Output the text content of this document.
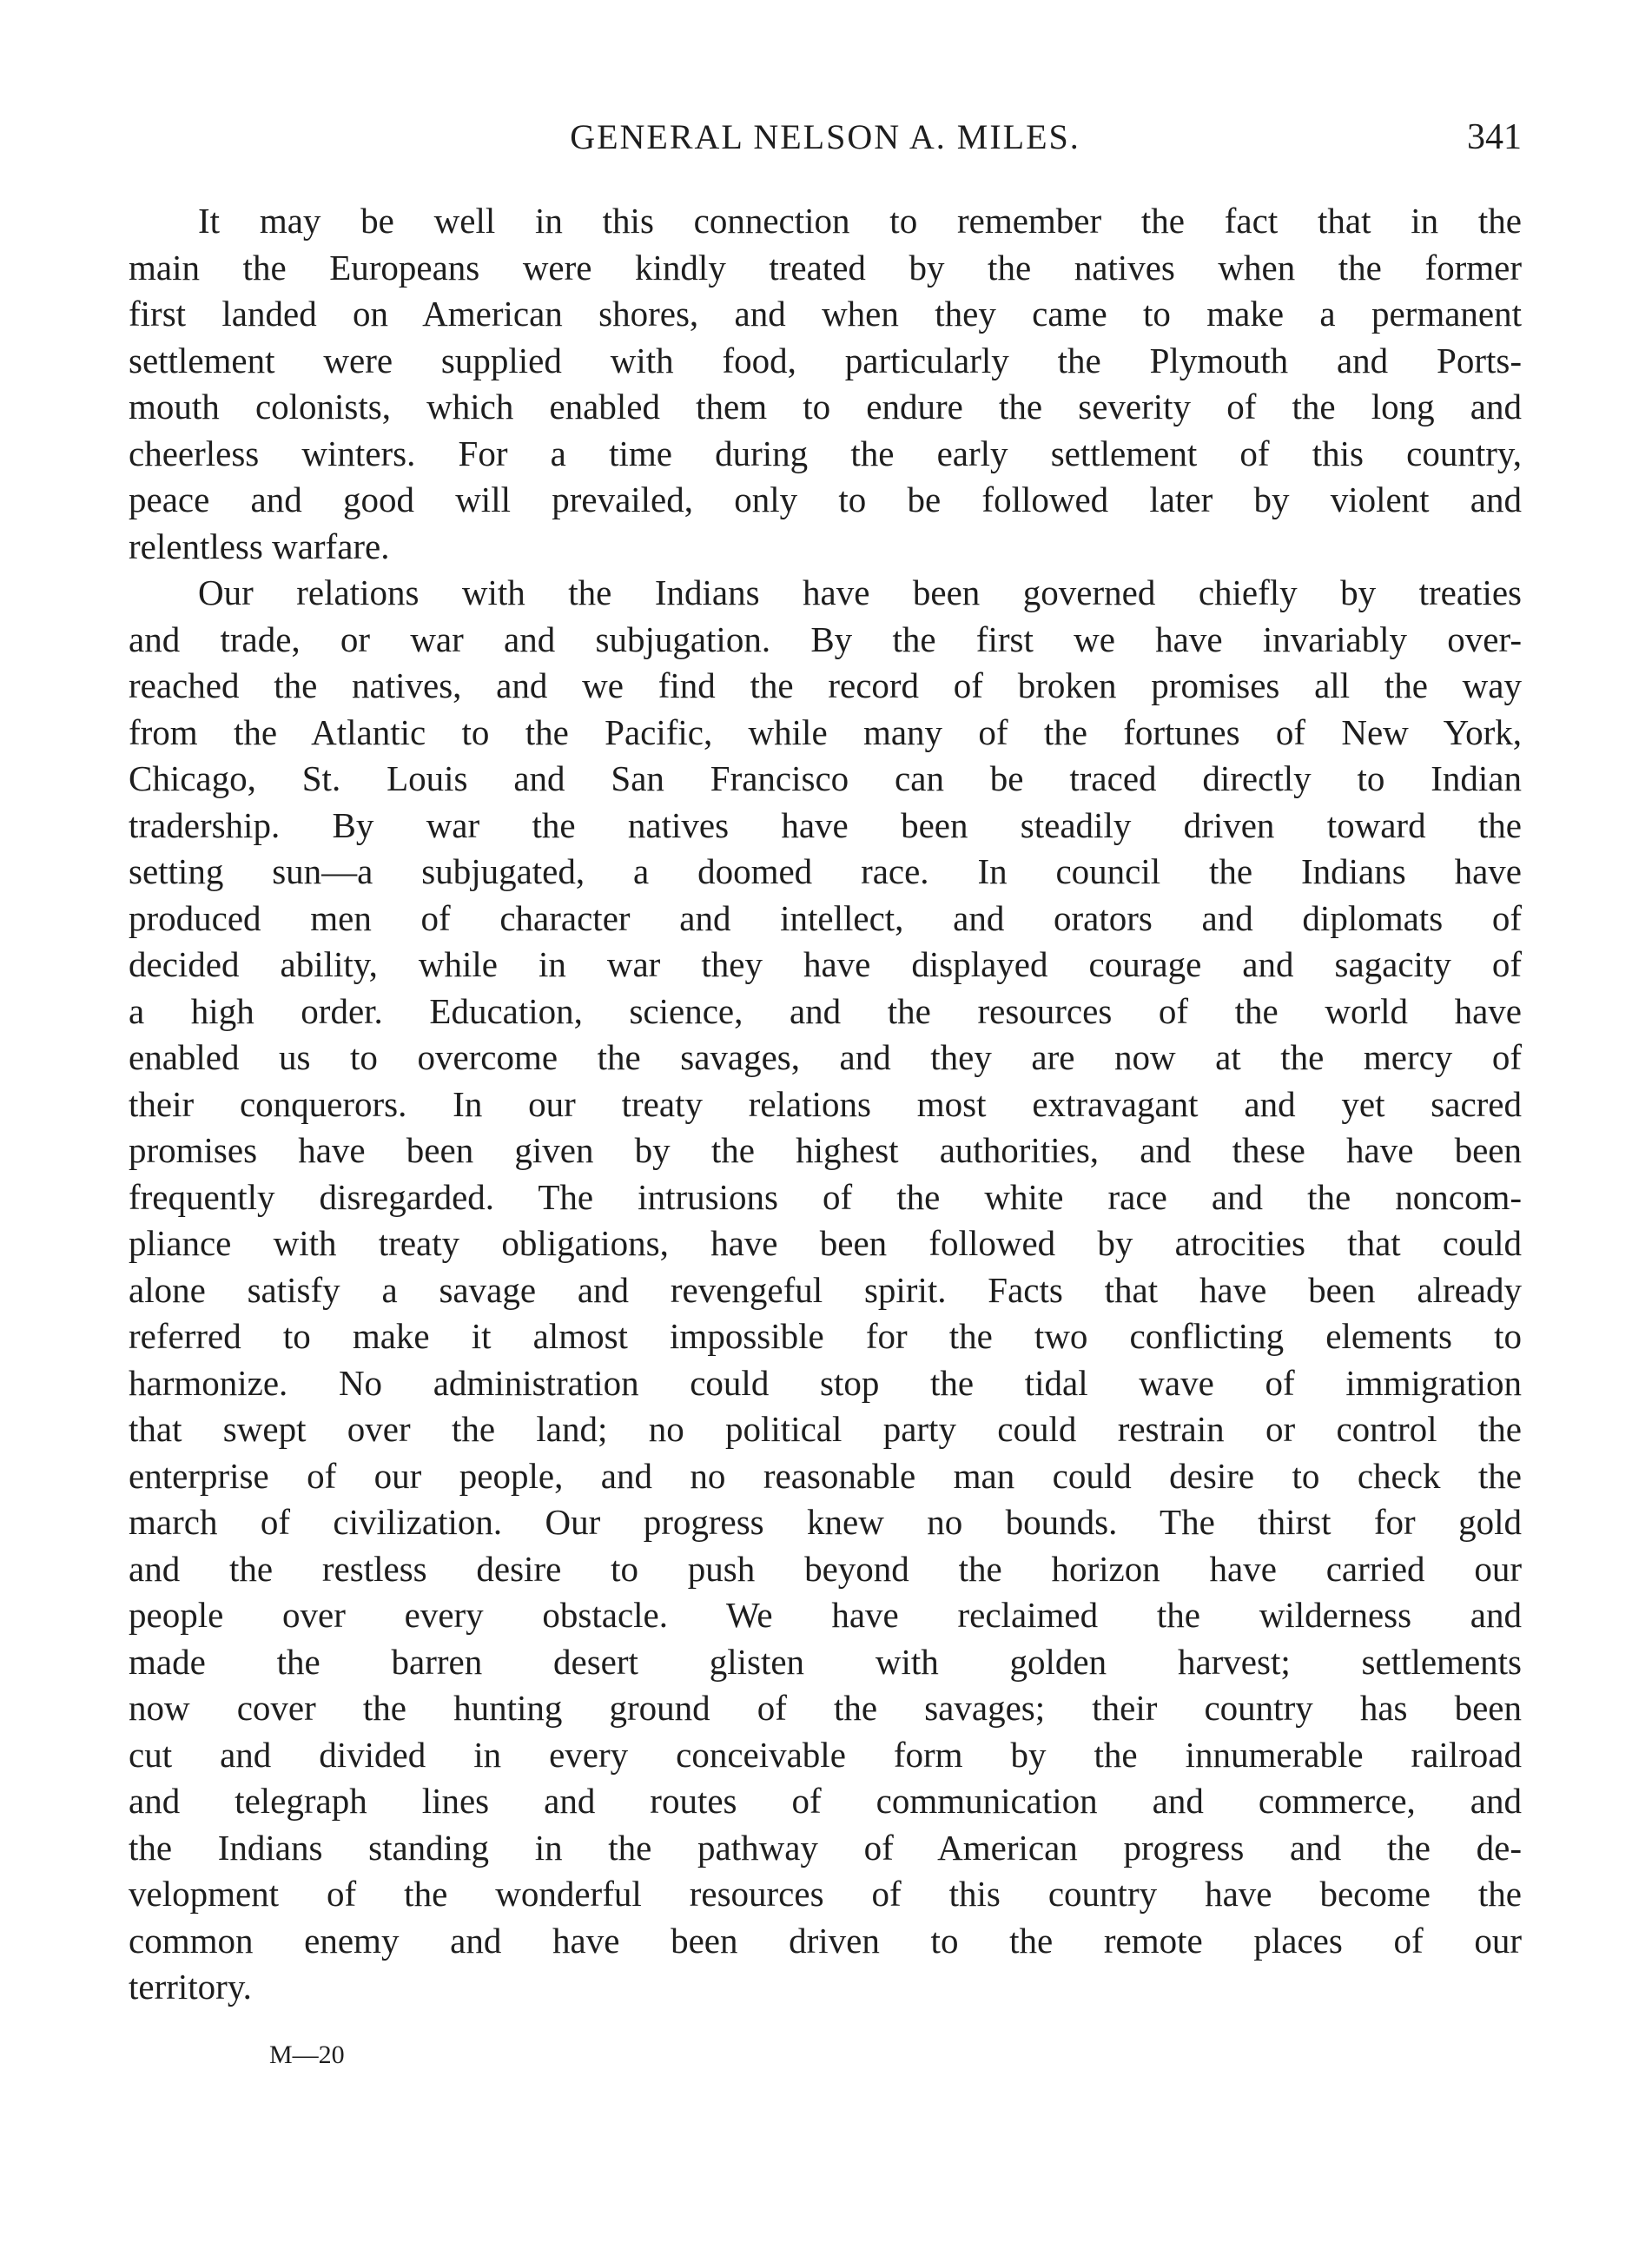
GENERAL NELSON A. MILES.	341
It may be well in this connection to remember the fact that in the
main the Europeans were kindly treated by the natives when the former
first landed on American shores, and when they came to make a permanent
settlement were supplied with food, particularly the Plymouth and Ports-
mouth colonists, which enabled them to endure the severity of the long and
cheerless winters. For a time during the early settlement of this country,
peace and good will prevailed, only to be followed later by violent and
relentless warfare.
Our relations with the Indians have been governed chiefly by treaties
and trade, or war and subjugation. By the first we have invariably over-
reached the natives, and we find the record of broken promises all the way
from the Atlantic to the Pacific, while many of the fortunes of New York,
Chicago, St. Louis and San Francisco can be traced directly to Indian
tradership. By war the natives have been steadily driven toward the
setting sun—a subjugated, a doomed race. In council the Indians have
produced men of character and intellect, and orators and diplomats of
decided ability, while in war they have displayed courage and sagacity of
a high order. Education, science, and the resources of the world have
enabled us to overcome the savages, and they are now at the mercy of
their conquerors. In our treaty relations most extravagant and yet sacred
promises have been given by the highest authorities, and these have been
frequently disregarded. The intrusions of the white race and the noncom-
pliance with treaty obligations, have been followed by atrocities that could
alone satisfy a savage and revengeful spirit. Facts that have been already
referred to make it almost impossible for the two conflicting elements to
harmonize. No administration could stop the tidal wave of immigration
that swept over the land; no political party could restrain or control the
enterprise of our people, and no reasonable man could desire to check the
march of civilization. Our progress knew no bounds. The thirst for gold
and the restless desire to push beyond the horizon have carried our
people over every obstacle. We have reclaimed the wilderness and
made the barren desert glisten with golden harvest; settlements
now cover the hunting ground of the savages; their country has been
cut and divided in every conceivable form by the innumerable railroad
and telegraph lines and routes of communication and commerce, and
the Indians standing in the pathway of American progress and the de-
velopment of the wonderful resources of this country have become the
common enemy and have been driven to the remote places of our
territory.
M—20
